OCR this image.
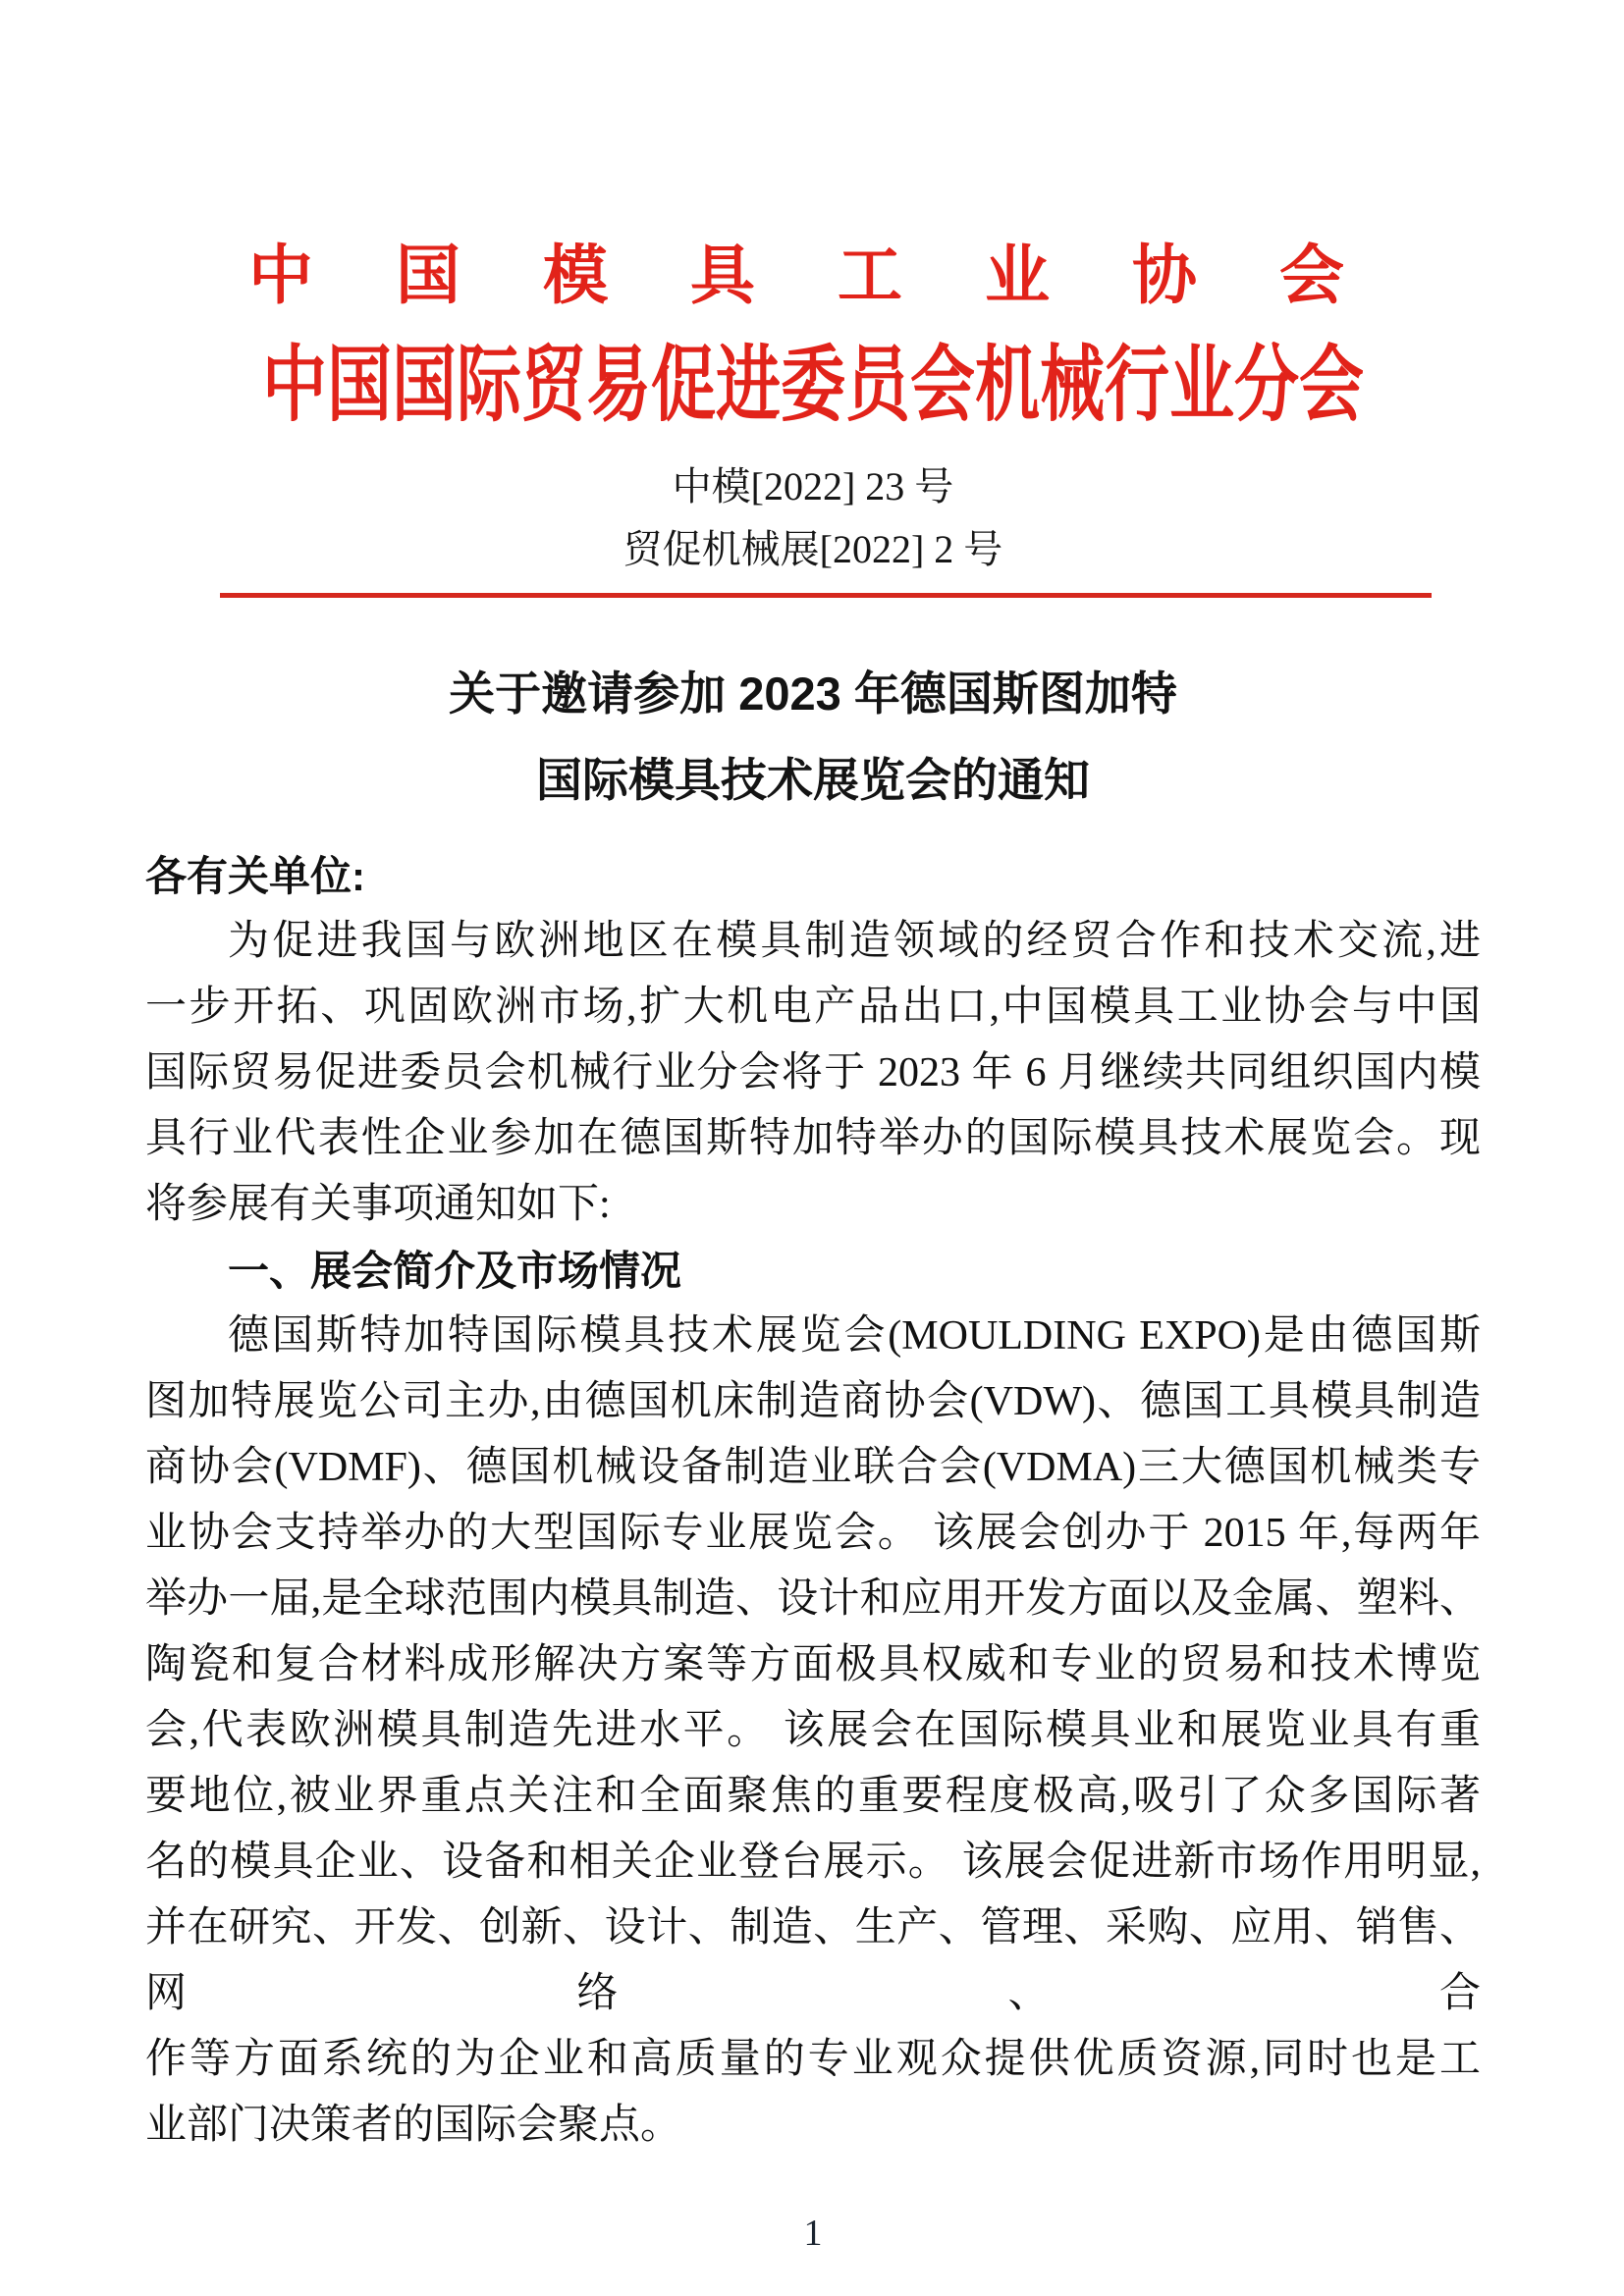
中国模具工业协会
中国国际贸易促进委员会机械行业分会
中模[2022] 23 号
贸促机械展[2022] 2 号
关于邀请参加 2023 年德国斯图加特
国际模具技术展览会的通知
各有关单位:
为促进我国与欧洲地区在模具制造领域的经贸合作和技术交流,进
一步开拓、巩固欧洲市场,扩大机电产品出口,中国模具工业协会与中国
国际贸易促进委员会机械行业分会将于 2023 年 6 月继续共同组织国内模
具行业代表性企业参加在德国斯特加特举办的国际模具技术展览会。现
将参展有关事项通知如下:
一、展会简介及市场情况
德国斯特加特国际模具技术展览会(MOULDING EXPO)是由德国斯
图加特展览公司主办,由德国机床制造商协会(VDW)、德国工具模具制造
商协会(VDMF)、德国机械设备制造业联合会(VDMA)三大德国机械类专
业协会支持举办的大型国际专业展览会。 该展会创办于 2015 年,每两年
举办一届,是全球范围内模具制造、设计和应用开发方面以及金属、塑料、
陶瓷和复合材料成形解决方案等方面极具权威和专业的贸易和技术博览
会,代表欧洲模具制造先进水平。 该展会在国际模具业和展览业具有重
要地位,被业界重点关注和全面聚焦的重要程度极高,吸引了众多国际著
名的模具企业、设备和相关企业登台展示。 该展会促进新市场作用明显,
并在研究、开发、创新、设计、制造、生产、管理、采购、应用、销售、网络、合
作等方面系统的为企业和高质量的专业观众提供优质资源,同时也是工
业部门决策者的国际会聚点。
1
